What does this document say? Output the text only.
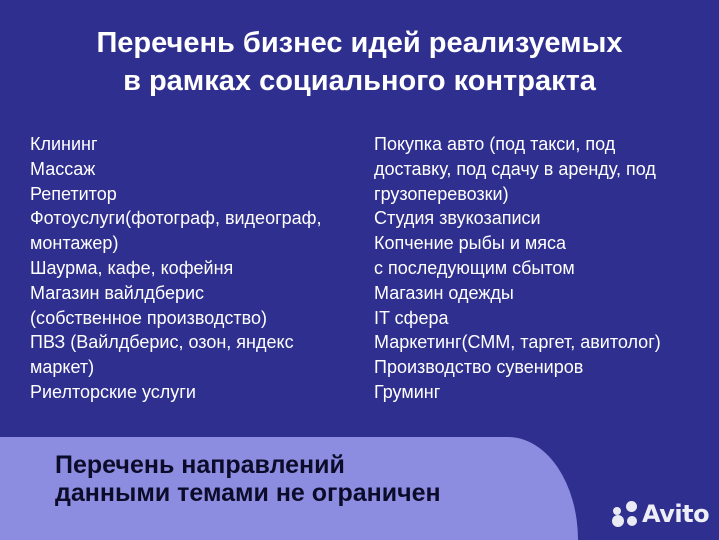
Перечень бизнес идей реализуемых
в рамках социального контракта
Клининг
Массаж
Репетитор
Фотоуслуги(фотограф, видеограф,
монтажер)
Шаурма, кафе, кофейня
Магазин вайлдберис
(собственное производство)
ПВЗ (Вайлдберис, озон, яндекс
маркет)
Риелторские услуги
Покупка авто (под такси, под
доставку, под сдачу в аренду, под
грузоперевозки)
Студия звукозаписи
Копчение рыбы и мяса
с последующим сбытом
Магазин одежды
IT сфера
Маркетинг(СММ, таргет, авитолог)
Производство сувениров
Груминг
Перечень направлений
данными темами не ограничен
Avito
